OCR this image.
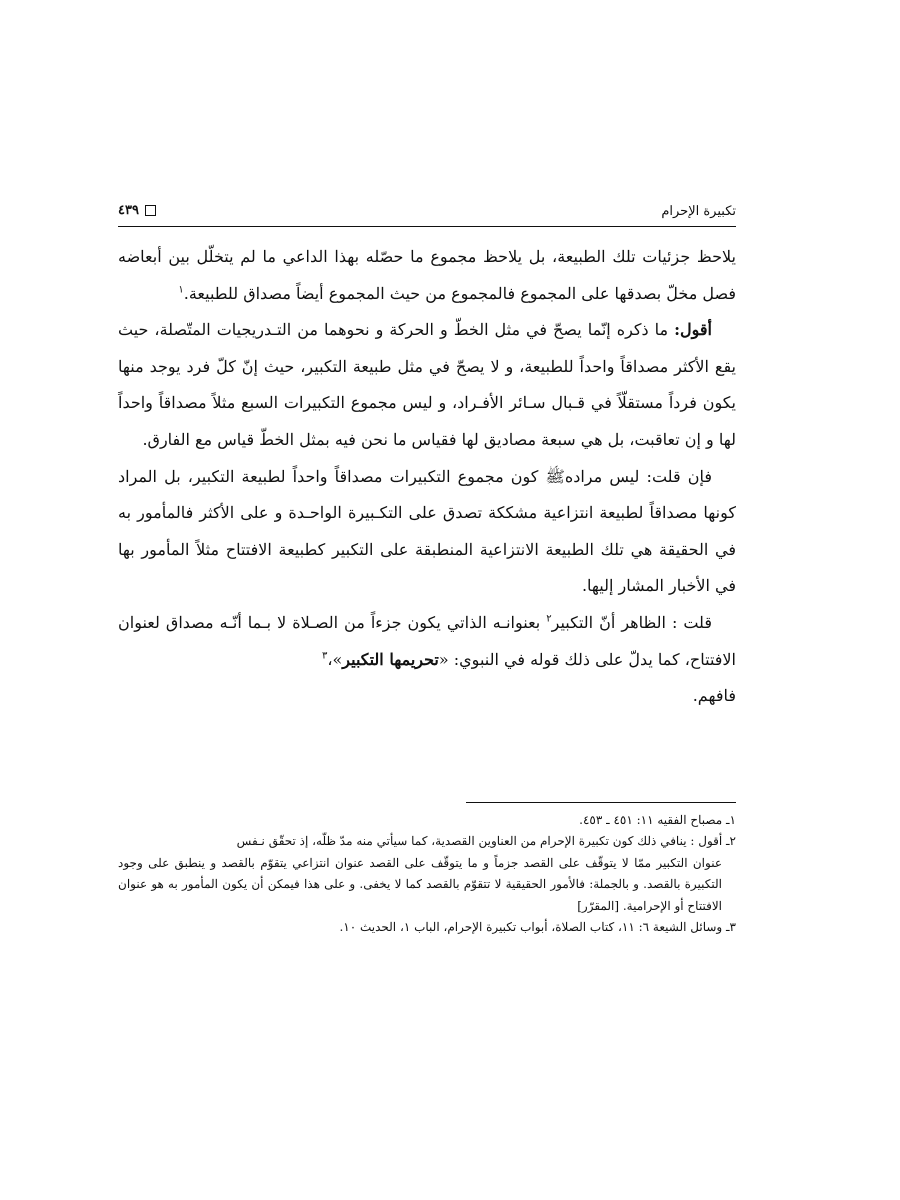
تكبيرة الإحرام
٤٣٩

يلاحظ جزئيات تلك الطبيعة، بل يلاحظ مجموع ما حصّله بهذا الداعي ما لم يتخلّل بين أبعاضه فصل مخلّ بصدقها على المجموع فالمجموع من حيث المجموع أيضاً مصداق للطبيعة.$^١$

أقول: ما ذكره إنّما يصحّ في مثل الخطّ و الحركة و نحوهما من التـدريجيات المتّصلة، حيث يقع الأكثر مصداقاً واحداً للطبيعة، و لا يصحّ في مثل طبيعة التكبير، حيث إنّ كلّ فرد يوجد منها يكون فرداً مستقلّاً في قـبال سـائر الأفـراد، و ليس مجموع التكبيرات السبع مثلاً مصداقاً واحداً لها و إن تعاقبت، بل هي سبعة مصاديق لها فقياس ما نحن فيه بمثل الخطّ قياس مع الفارق.

فإن قلت: ليس مرادهﷺ كون مجموع التكبيرات مصداقاً واحداً لطبيعة التكبير، بل المراد كونها مصداقاً لطبيعة انتزاعية مشككة تصدق على التكـبيرة الواحـدة و على الأكثر فالمأمور به في الحقيقة هي تلك الطبيعة الانتزاعية المنطبقة على التكبير كطبيعة الافتتاح مثلاً المأمور بها في الأخبار المشار إليها.

قلت : الظاهر أنّ التكبير$^٢$ بعنوانـه الذاتي يكون جزءاً من الصـلاة لا بـما أنّـه مصداق لعنوان الافتتاح، كما يدلّ على ذلك قوله في النبوي: «تحريمها التكبير»،$^٣$

فافهم.

١ـ مصباح الفقيه ١١: ٤٥١ ـ ٤٥٣.

٢ـ أقول : ينافي ذلك كون تكبيرة الإحرام من العناوين القصدية، كما سيأتي منه مدّ ظلّه، إذ تحقّق نـفس

عنوان التكبير ممّا لا يتوقّف على القصد جزماً و ما يتوقّف على القصد عنوان انتزاعي يتقوّم بالقصد و ينطبق على وجود التكبيرة بالقصد. و بالجملة: فالأمور الحقيقية لا تتقوّم بالقصد كما لا يخفى. و على هذا فيمكن أن يكون المأمور به هو عنوان الافتتاح أو الإحرامية. [المقرّر]

٣ـ وسائل الشيعة ٦: ١١، كتاب الصلاة، أبواب تكبيرة الإحرام، الباب ١، الحديث ١٠.
